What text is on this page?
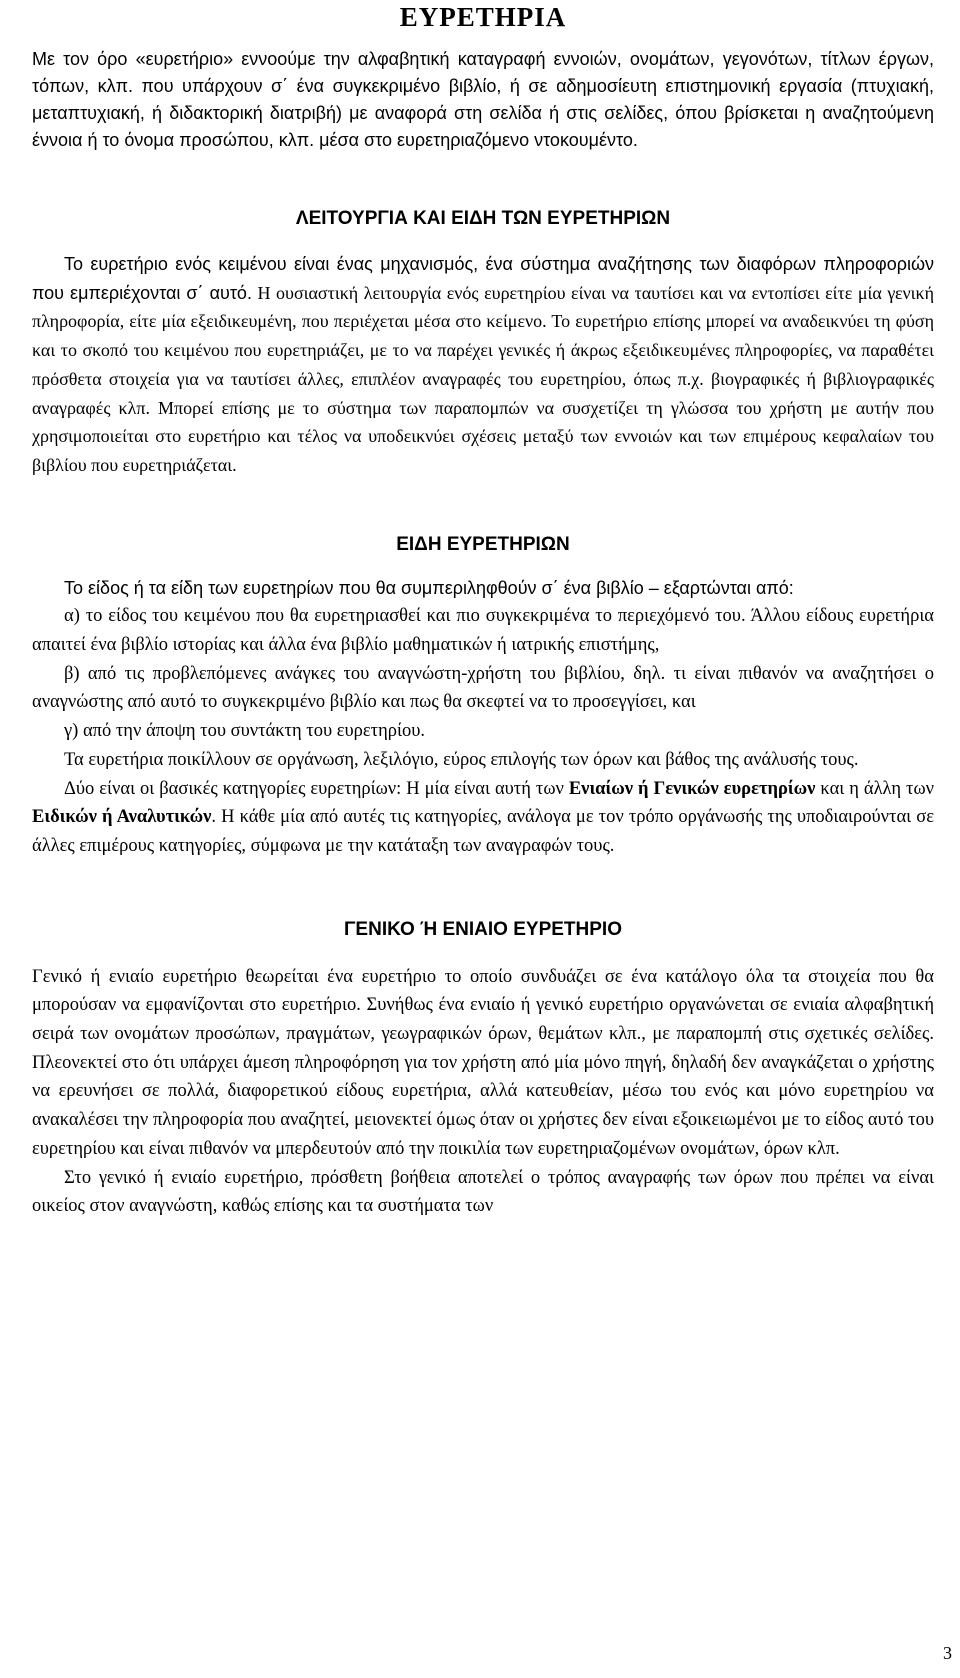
ΕΥΡΕΤΗΡΙΑ

Με τον όρο «ευρετήριο» εννοούμε την αλφαβητική καταγραφή εννοιών, ονομάτων, γεγονότων, τίτλων έργων, τόπων, κλπ. που υπάρχουν σ΄ ένα συγκεκριμένο βιβλίο, ή σε αδημοσίευτη επιστημονική εργασία (πτυχιακή, μεταπτυχιακή, ή διδακτορική διατριβή) με αναφορά στη σελίδα ή στις σελίδες, όπου βρίσκεται η αναζητούμενη έννοια ή το όνομα προσώπου, κλπ. μέσα στο ευρετηριαζόμενο ντοκουμέντο.

ΛΕΙΤΟΥΡΓΙΑ ΚΑΙ ΕΙΔΗ ΤΩΝ ΕΥΡΕΤΗΡΙΩΝ

Το ευρετήριο ενός κειμένου είναι ένας μηχανισμός, ένα σύστημα αναζήτησης των διαφόρων πληροφοριών που εμπεριέχονται σ΄ αυτό. Η ουσιαστική λειτουργία ενός ευρετηρίου είναι να ταυτίσει και να εντοπίσει είτε μία γενική πληροφορία, είτε μία εξειδικευμένη, που περιέχεται μέσα στο κείμενο. Το ευρετήριο επίσης μπορεί να αναδεικνύει τη φύση και το σκοπό του κειμένου που ευρετηριάζει, με το να παρέχει γενικές ή άκρως εξειδικευμένες πληροφορίες, να παραθέτει πρόσθετα στοιχεία για να ταυτίσει άλλες, επιπλέον αναγραφές του ευρετηρίου, όπως π.χ. βιογραφικές ή βιβλιογραφικές αναγραφές κλπ. Μπορεί επίσης με το σύστημα των παραπομπών να συσχετίζει τη γλώσσα του χρήστη με αυτήν που χρησιμοποιείται στο ευρετήριο και τέλος να υποδεικνύει σχέσεις μεταξύ των εννοιών και των επιμέρους κεφαλαίων του βιβλίου που ευρετηριάζεται.

ΕΙΔΗ ΕΥΡΕΤΗΡΙΩΝ

Το είδος ή τα είδη των ευρετηρίων που θα συμπεριληφθούν σ΄ ένα βιβλίο – εξαρτώνται από:

α) το είδος του κειμένου που θα ευρετηριασθεί και πιο συγκεκριμένα το περιεχόμενό του. Άλλου είδους ευρετήρια απαιτεί ένα βιβλίο ιστορίας και άλλα ένα βιβλίο μαθηματικών ή ιατρικής επιστήμης,

β) από τις προβλεπόμενες ανάγκες του αναγνώστη-χρήστη του βιβλίου, δηλ. τι είναι πιθανόν να αναζητήσει ο αναγνώστης από αυτό το συγκεκριμένο βιβλίο και πως θα σκεφτεί να το προσεγγίσει, και

γ) από την άποψη του συντάκτη του ευρετηρίου.

Τα ευρετήρια ποικίλλουν σε οργάνωση, λεξιλόγιο, εύρος επιλογής των όρων και βάθος της ανάλυσής τους.

Δύο είναι οι βασικές κατηγορίες ευρετηρίων: Η μία είναι αυτή των Ενιαίων ή Γενικών ευρετηρίων και η άλλη των Ειδικών ή Αναλυτικών. Η κάθε μία από αυτές τις κατηγορίες, ανάλογα με τον τρόπο οργάνωσής της υποδιαιρούνται σε άλλες επιμέρους κατηγορίες, σύμφωνα με την κατάταξη των αναγραφών τους.

ΓΕΝΙΚΟ Ή ΕΝΙΑΙΟ ΕΥΡΕΤΗΡΙΟ

Γενικό ή ενιαίο ευρετήριο θεωρείται ένα ευρετήριο το οποίο συνδυάζει σε ένα κατάλογο όλα τα στοιχεία που θα μπορούσαν να εμφανίζονται στο ευρετήριο. Συνήθως ένα ενιαίο ή γενικό ευρετήριο οργανώνεται σε ενιαία αλφαβητική σειρά των ονομάτων προσώπων, πραγμάτων, γεωγραφικών όρων, θεμάτων κλπ., με παραπομπή στις σχετικές σελίδες. Πλεονεκτεί στο ότι υπάρχει άμεση πληροφόρηση για τον χρήστη από μία μόνο πηγή, δηλαδή δεν αναγκάζεται ο χρήστης να ερευνήσει σε πολλά, διαφορετικού είδους ευρετήρια, αλλά κατευθείαν, μέσω του ενός και μόνο ευρετηρίου να ανακαλέσει την πληροφορία που αναζητεί, μειονεκτεί όμως όταν οι χρήστες δεν είναι εξοικειωμένοι με το είδος αυτό του ευρετηρίου και είναι πιθανόν να μπερδευτούν από την ποικιλία των ευρετηριαζομένων ονομάτων, όρων κλπ.

Στο γενικό ή ενιαίο ευρετήριο, πρόσθετη βοήθεια αποτελεί ο τρόπος αναγραφής των όρων που πρέπει να είναι οικείος στον αναγνώστη, καθώς επίσης και τα συστήματα των

3
